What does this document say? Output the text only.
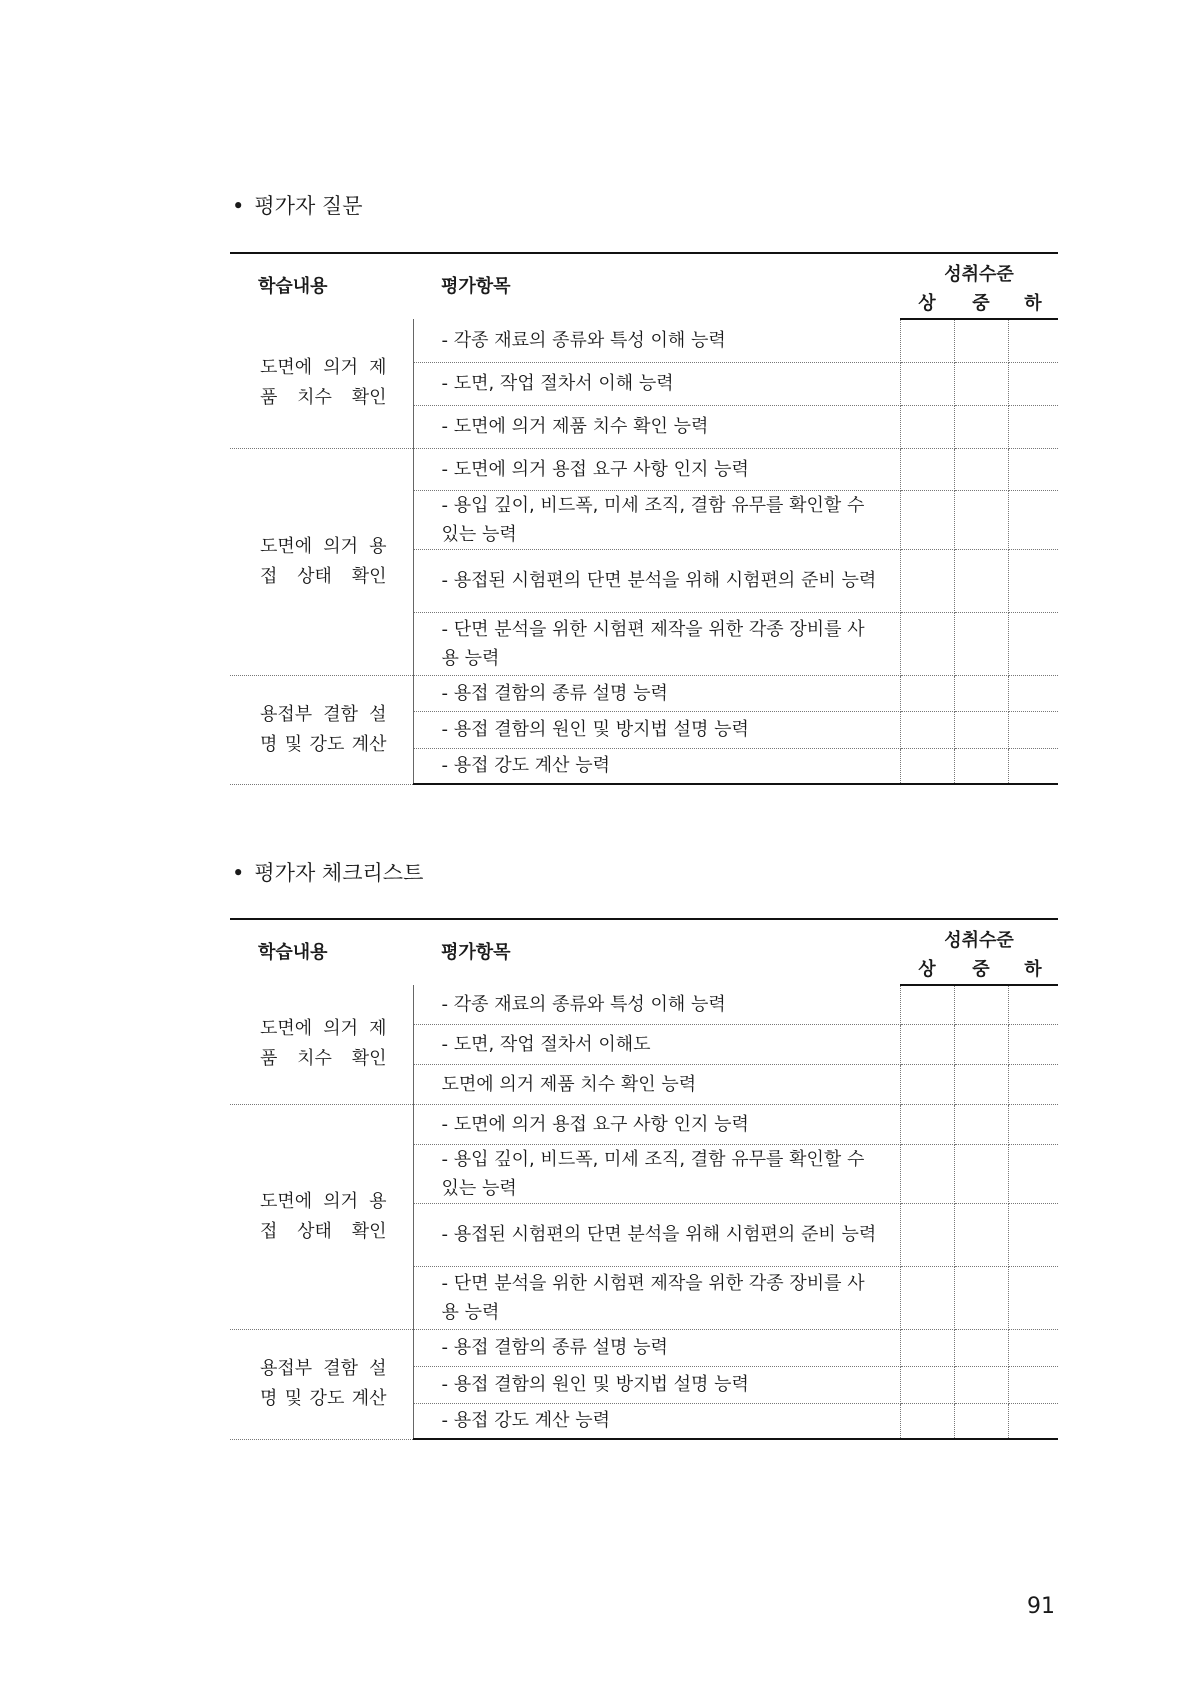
• 평가자 질문
학습내용	평가항목	성취수준		
		상	중	하
도면에 의거 제품 치수 확인	- 각종 재료의 종류와 특성 이해 능력			
	- 도면, 작업 절차서 이해 능력			
	- 도면에 의거 제품 치수 확인 능력			
도면에 의거 용접 상태 확인	- 도면에 의거 용접 요구 사항 인지 능력			
	- 용입 깊이, 비드폭, 미세 조직, 결함 유무를 확인할 수 있는 능력			
	- 용접된 시험편의 단면 분석을 위해 시험편의 준비 능력			
	- 단면 분석을 위한 시험편 제작을 위한 각종 장비를 사용 능력			
용접부 결함 설명 및 강도 계산	- 용접 결함의 종류 설명 능력			
	- 용접 결함의 원인 및 방지법 설명 능력			
	- 용접 강도 계산 능력			
• 평가자 체크리스트
학습내용	평가항목	성취수준		
		상	중	하
도면에 의거 제품 치수 확인	- 각종 재료의 종류와 특성 이해 능력			
	- 도면, 작업 절차서 이해도			
	도면에 의거 제품 치수 확인 능력			
도면에 의거 용접 상태 확인	- 도면에 의거 용접 요구 사항 인지 능력			
	- 용입 깊이, 비드폭, 미세 조직, 결함 유무를 확인할 수 있는 능력			
	- 용접된 시험편의 단면 분석을 위해 시험편의 준비 능력			
	- 단면 분석을 위한 시험편 제작을 위한 각종 장비를 사용 능력			
용접부 결함 설명 및 강도 계산	- 용접 결함의 종류 설명 능력			
	- 용접 결함의 원인 및 방지법 설명 능력			
	- 용접 강도 계산 능력			

91
